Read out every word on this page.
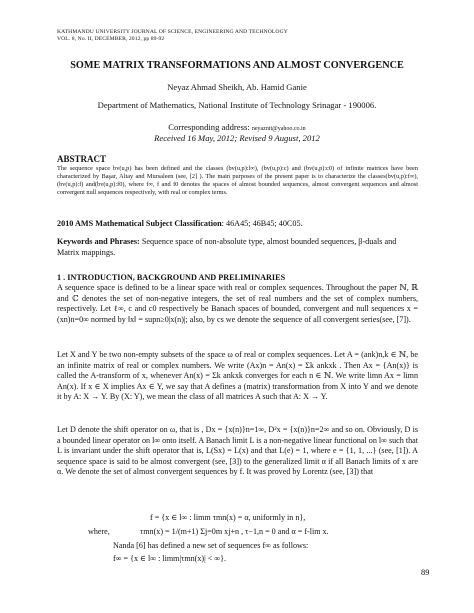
KATHMANDU UNIVERSITY JOURNAL OF SCIENCE, ENGINEERING AND TECHNOLOGY
VOL. 8, No. II, DECEMBER, 2012, pp 89-92
SOME MATRIX TRANSFORMATIONS AND ALMOST CONVERGENCE
Neyaz Ahmad Sheikh, Ab. Hamid Ganie
Department of Mathematics, National Institute of Technology Srinagar - 190006.
Corresponding address: neyaznit@yahoo.co.in
Received 16 May, 2012; Revised 9 August, 2012
ABSTRACT
The sequence space bv(u,p) has been defined and the classes (bv(u,p):l∞), (bv(u,p):c) and (bv(u,p):c0) of infinite matrices have been characterized by Başar, Altay and Mursaleen (see, [2] ). The main purposes of the present paper is to characterize the classes(bv(u,p):f∞), (bv(u,p):f) and(bv(u,p):f0), where f∞, f and f0 denotes the spaces of almost bounded sequences, almost convergent sequences and almost convergent null sequences respectively, with real or complex terms.
2010 AMS Mathematical Subject Classification: 46A45; 46B45; 40C05.
Keywords and Phrases: Sequence space of non-absolute type, almost bounded sequences, β-duals and Matrix mappings.
1 . INTRODUCTION, BACKGROUND AND PRELIMINARIES
A sequence space is defined to be a linear space with real or complex sequences. Throughout the paper ℕ, ℝ and ℂ denotes the set of non-negative integers, the set of real numbers and the set of complex numbers, respectively. Let ℓ∞, c and c0 respectively be Banach spaces of bounded, convergent and null sequences x = (xn)n=0∞ normed by ‖x‖ = supn≥0|x(n)|; also, by cs we denote the sequence of all convergent series(see, [7]).
Let X and Y be two non-empty subsets of the space ω of real or complex sequences. Let A = (ank)n,k ∈ ℕ, be an infinite matrix of real or complex numbers. We write (Ax)n = An(x) = Σk ankxk . Then Ax = {An(x)} is called the A-transform of x, whenever An(x) = Σk ankxk converges for each n ∈ ℕ. We write limn Ax = limn An(x). If x ∈ X implies Ax ∈ Y, we say that A defines a (matrix) transformation from X into Y and we denote it by A: X → Y. By (X: Y), we mean the class of all matrices A such that A: X → Y.
Let D denote the shift operator on ω, that is , Dx = {x(n)}n=1∞, D²x = {x(n)}n=2∞ and so on. Obviously, D is a bounded linear operator on l∞ onto itself. A Banach limit L is a non-negative linear functional on l∞ such that L is invariant under the shift operator that is, L(Sx) = L(x) and that L(e) = 1, where e = {1, 1, ...} (see, [1]). A sequence space is said to be almost convergent (see, [3]) to the generalized limit α if all Banach limits of x are α. We denote the set of almost convergent sequences by f. It was proved by Lorentz (see, [3]) that
f = {x ∈ l∞ : limm τmn(x) = α, uniformly in n},
where,	τmn(x) = 1/(m+1) Σj=0m xj+n , τ−1,n = 0 and α = f-lim x.
Nanda [6] has defined a new set of sequences f∞ as follows:
f∞ = {x ∈ l∞ : limm|τmn(x)| < ∞}.
89
